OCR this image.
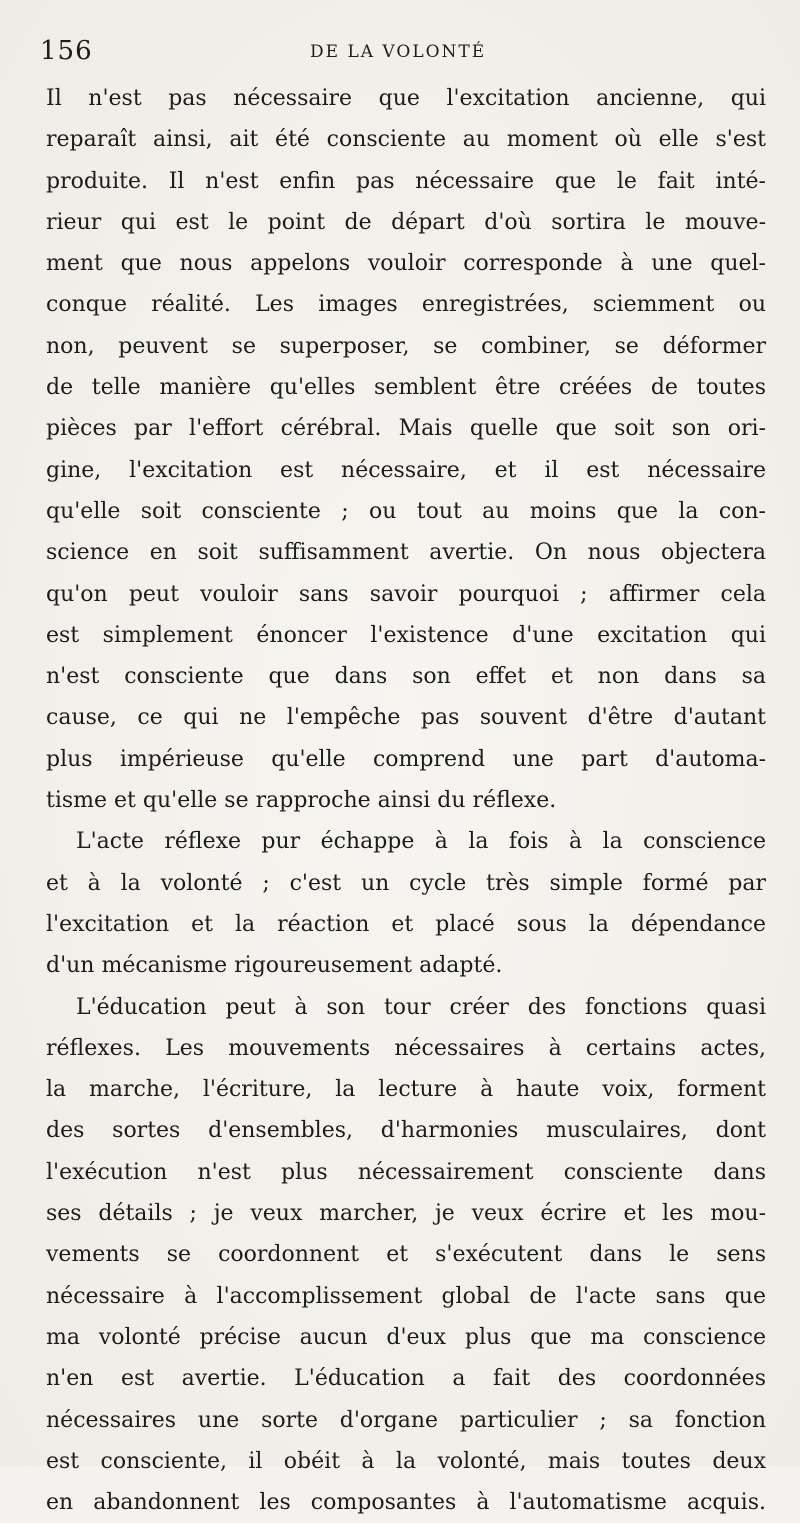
156	DE LA VOLONTÉ
Il n'est pas nécessaire que l'excitation ancienne, qui
reparaît ainsi, ait été consciente au moment où elle s'est
produite. Il n'est enfin pas nécessaire que le fait inté-
rieur qui est le point de départ d'où sortira le mouve-
ment que nous appelons vouloir corresponde à une quel-
conque réalité. Les images enregistrées, sciemment ou
non, peuvent se superposer, se combiner, se déformer
de telle manière qu'elles semblent être créées de toutes
pièces par l'effort cérébral. Mais quelle que soit son ori-
gine, l'excitation est nécessaire, et il est nécessaire
qu'elle soit consciente ; ou tout au moins que la con-
science en soit suffisamment avertie. On nous objectera
qu'on peut vouloir sans savoir pourquoi ; affirmer cela
est simplement énoncer l'existence d'une excitation qui
n'est consciente que dans son effet et non dans sa
cause, ce qui ne l'empêche pas souvent d'être d'autant
plus impérieuse qu'elle comprend une part d'automa-
tisme et qu'elle se rapproche ainsi du réflexe.
L'acte réflexe pur échappe à la fois à la conscience
et à la volonté ; c'est un cycle très simple formé par
l'excitation et la réaction et placé sous la dépendance
d'un mécanisme rigoureusement adapté.
L'éducation peut à son tour créer des fonctions quasi
réflexes. Les mouvements nécessaires à certains actes,
la marche, l'écriture, la lecture à haute voix, forment
des sortes d'ensembles, d'harmonies musculaires, dont
l'exécution n'est plus nécessairement consciente dans
ses détails ; je veux marcher, je veux écrire et les mou-
vements se coordonnent et s'exécutent dans le sens
nécessaire à l'accomplissement global de l'acte sans que
ma volonté précise aucun d'eux plus que ma conscience
n'en est avertie. L'éducation a fait des coordonnées
nécessaires une sorte d'organe particulier ; sa fonction
est consciente, il obéit à la volonté, mais toutes deux
en abandonnent les composantes à l'automatisme acquis.
